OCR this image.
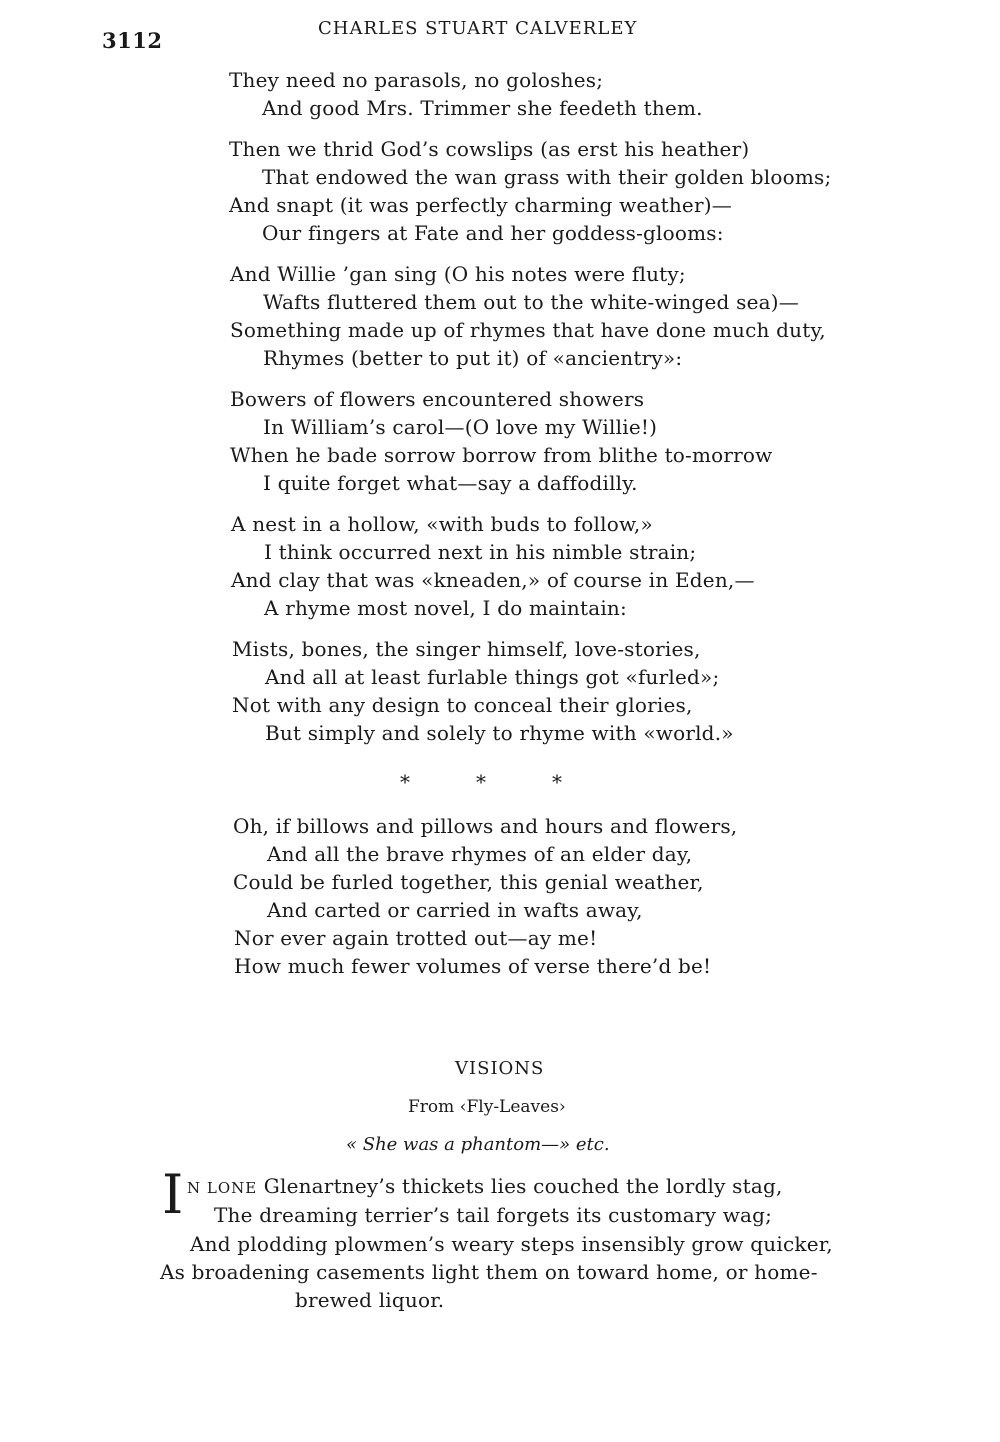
3112	CHARLES STUART CALVERLEY
They need no parasols, no goloshes;
And good Mrs. Trimmer she feedeth them.
Then we thrid God’s cowslips (as erst his heather)
That endowed the wan grass with their golden blooms;
And snapt (it was perfectly charming weather)—
Our fingers at Fate and her goddess-glooms:
And Willie ’gan sing (O his notes were fluty;
Wafts fluttered them out to the white-winged sea)—
Something made up of rhymes that have done much duty,
Rhymes (better to put it) of «ancientry»:
Bowers of flowers encountered showers
In William’s carol—(O love my Willie!)
When he bade sorrow borrow from blithe to-morrow
I quite forget what—say a daffodilly.
A nest in a hollow, «with buds to follow,»
I think occurred next in his nimble strain;
And clay that was «kneaden,» of course in Eden,—
A rhyme most novel, I do maintain:
Mists, bones, the singer himself, love-stories,
And all at least furlable things got «furled»;
Not with any design to conceal their glories,
But simply and solely to rhyme with «world.»
*	*	*
Oh, if billows and pillows and hours and flowers,
And all the brave rhymes of an elder day,
Could be furled together, this genial weather,
And carted or carried in wafts away,
Nor ever again trotted out—ay me!
How much fewer volumes of verse there’d be!
VISIONS
From ‹Fly-Leaves›
« She was a phantom—» etc.
I N LONE Glenartney’s thickets lies couched the lordly stag,
The dreaming terrier’s tail forgets its customary wag;
And plodding plowmen’s weary steps insensibly grow quicker,
As broadening casements light them on toward home, or home-
brewed liquor.
